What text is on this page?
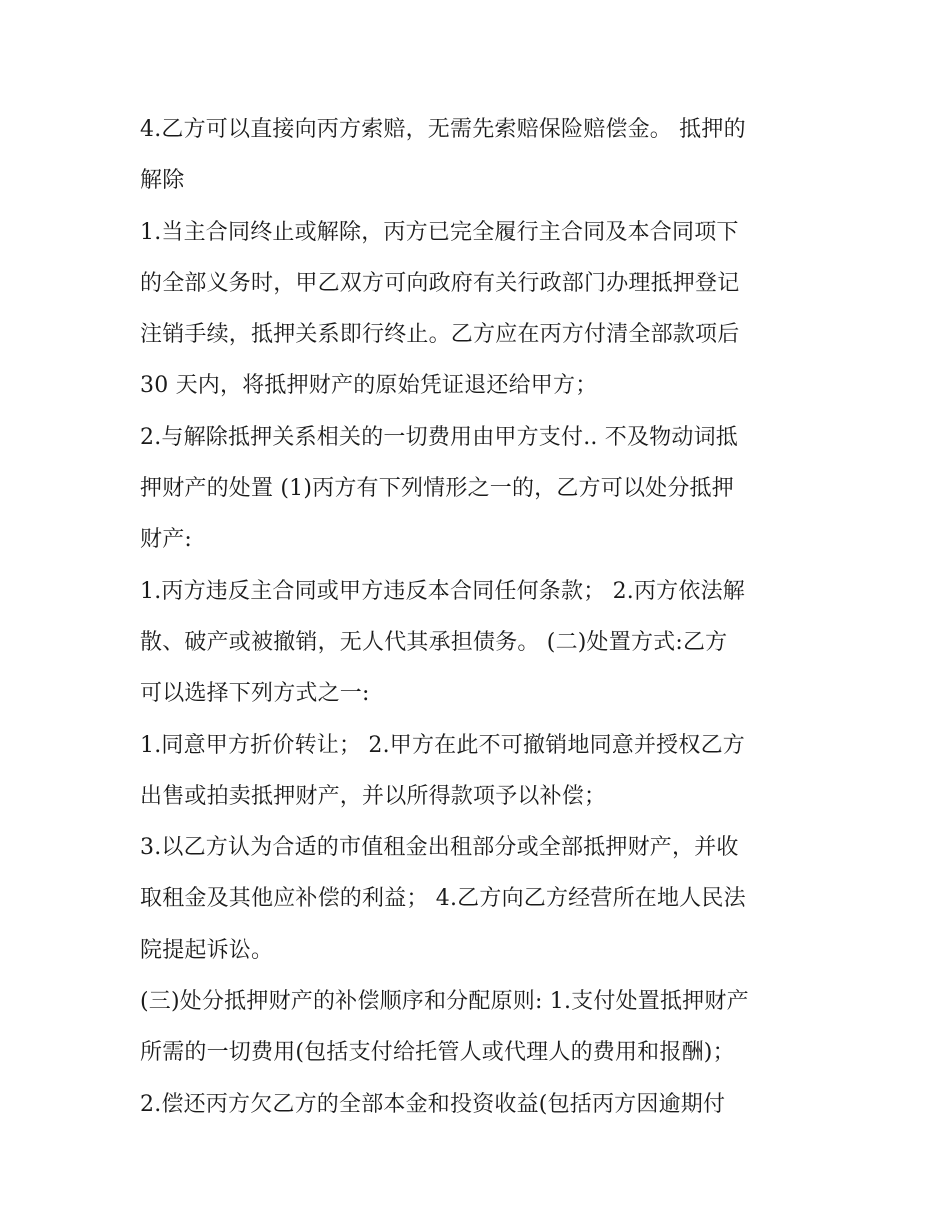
4.乙方可以直接向丙方索赔，无需先索赔保险赔偿金。 抵押的
解除
1.当主合同终止或解除，丙方已完全履行主合同及本合同项下
的全部义务时，甲乙双方可向政府有关行政部门办理抵押登记
注销手续，抵押关系即行终止。乙方应在丙方付清全部款项后
30 天内，将抵押财产的原始凭证退还给甲方；
2.与解除抵押关系相关的一切费用由甲方支付.. 不及物动词抵
押财产的处置 (1)丙方有下列情形之一的，乙方可以处分抵押
财产:
1.丙方违反主合同或甲方违反本合同任何条款； 2.丙方依法解
散、破产或被撤销，无人代其承担债务。 (二)处置方式:乙方
可以选择下列方式之一:
1.同意甲方折价转让； 2.甲方在此不可撤销地同意并授权乙方
出售或拍卖抵押财产，并以所得款项予以补偿；
3.以乙方认为合适的市值租金出租部分或全部抵押财产，并收
取租金及其他应补偿的利益； 4.乙方向乙方经营所在地人民法
院提起诉讼。
(三)处分抵押财产的补偿顺序和分配原则: 1.支付处置抵押财产
所需的一切费用(包括支付给托管人或代理人的费用和报酬)；
2.偿还丙方欠乙方的全部本金和投资收益(包括丙方因逾期付
